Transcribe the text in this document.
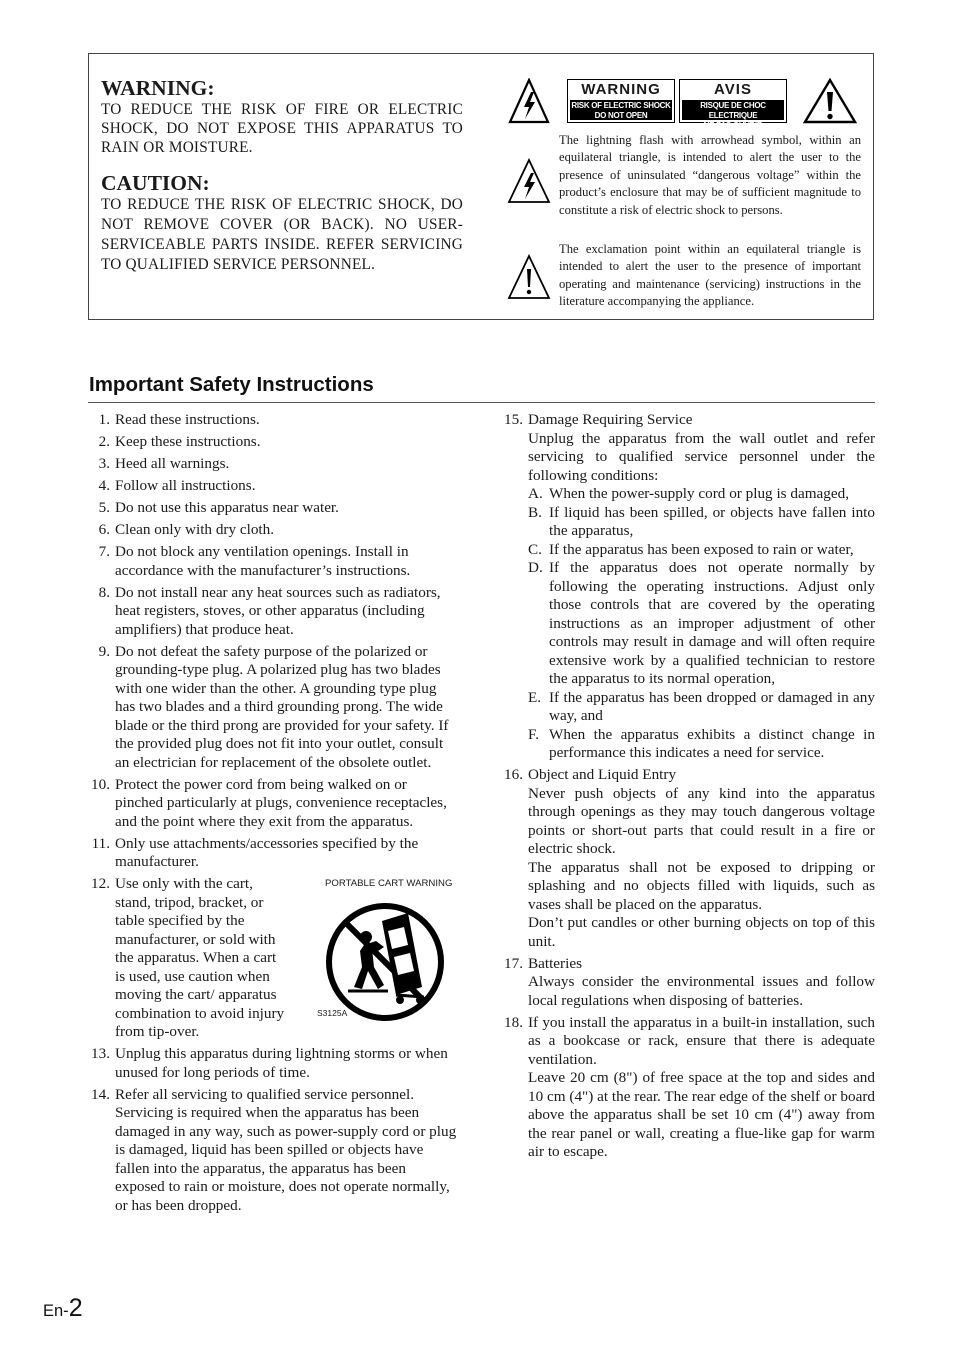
WARNING:

TO REDUCE THE RISK OF FIRE OR ELECTRIC SHOCK, DO NOT EXPOSE THIS APPARATUS TO RAIN OR MOISTURE.

CAUTION:

TO REDUCE THE RISK OF ELECTRIC SHOCK, DO NOT REMOVE COVER (OR BACK). NO USER-SERVICEABLE PARTS INSIDE. REFER SERVICING TO QUALIFIED SERVICE PERSONNEL.

WARNING
RISK OF ELECTRIC SHOCK
DO NOT OPEN
AVIS
RISQUE DE CHOC ELECTRIQUE
NE PAS OUVRIR

The lightning flash with arrowhead symbol, within an equilateral triangle, is intended to alert the user to the presence of uninsulated “dangerous voltage” within the product’s enclosure that may be of sufficient magnitude to constitute a risk of electric shock to persons.

The exclamation point within an equilateral triangle is intended to alert the user to the presence of important operating and maintenance (servicing) instructions in the literature accompanying the appliance.

Important Safety Instructions
1. Read these instructions.

2. Keep these instructions.

3. Heed all warnings.

4. Follow all instructions.

5. Do not use this apparatus near water.

6. Clean only with dry cloth.

7. Do not block any ventilation openings. Install in accordance with the manufacturer’s instructions.

8. Do not install near any heat sources such as radiators, heat registers, stoves, or other apparatus (including amplifiers) that produce heat.

9. Do not defeat the safety purpose of the polarized or grounding-type plug. A polarized plug has two blades with one wider than the other. A grounding type plug has two blades and a third grounding prong. The wide blade or the third prong are provided for your safety. If the provided plug does not fit into your outlet, consult an electrician for replacement of the obsolete outlet.

10. Protect the power cord from being walked on or pinched particularly at plugs, convenience receptacles, and the point where they exit from the apparatus.

11. Only use attachments/accessories specified by the manufacturer.

12. Use only with the cart, stand, tripod, bracket, or table specified by the manufacturer, or sold with the apparatus. When a cart is used, use caution when moving the cart/ apparatus combination to avoid injury from tip-over.

PORTABLE CART WARNING
S3125A
13. Unplug this apparatus during lightning storms or when unused for long periods of time.

14. Refer all servicing to qualified service personnel. Servicing is required when the apparatus has been damaged in any way, such as power-supply cord or plug is damaged, liquid has been spilled or objects have fallen into the apparatus, the apparatus has been exposed to rain or moisture, does not operate normally, or has been dropped.

15. Damage Requiring Service

Unplug the apparatus from the wall outlet and refer servicing to qualified service personnel under the following conditions:

A. When the power-supply cord or plug is damaged,

B. If liquid has been spilled, or objects have fallen into the apparatus,

C. If the apparatus has been exposed to rain or water,

D. If the apparatus does not operate normally by following the operating instructions. Adjust only those controls that are covered by the operating instructions as an improper adjustment of other controls may result in damage and will often require extensive work by a qualified technician to restore the apparatus to its normal operation,

E. If the apparatus has been dropped or damaged in any way, and

F. When the apparatus exhibits a distinct change in performance this indicates a need for service.

16. Object and Liquid Entry

Never push objects of any kind into the apparatus through openings as they may touch dangerous voltage points or short-out parts that could result in a fire or electric shock.

The apparatus shall not be exposed to dripping or splashing and no objects filled with liquids, such as vases shall be placed on the apparatus.

Don’t put candles or other burning objects on top of this unit.

17. Batteries

Always consider the environmental issues and follow local regulations when disposing of batteries.

18. If you install the apparatus in a built-in installation, such as a bookcase or rack, ensure that there is adequate ventilation.

Leave 20 cm (8") of free space at the top and sides and 10 cm (4") at the rear. The rear edge of the shelf or board above the apparatus shall be set 10 cm (4") away from the rear panel or wall, creating a flue-like gap for warm air to escape.

En-2
